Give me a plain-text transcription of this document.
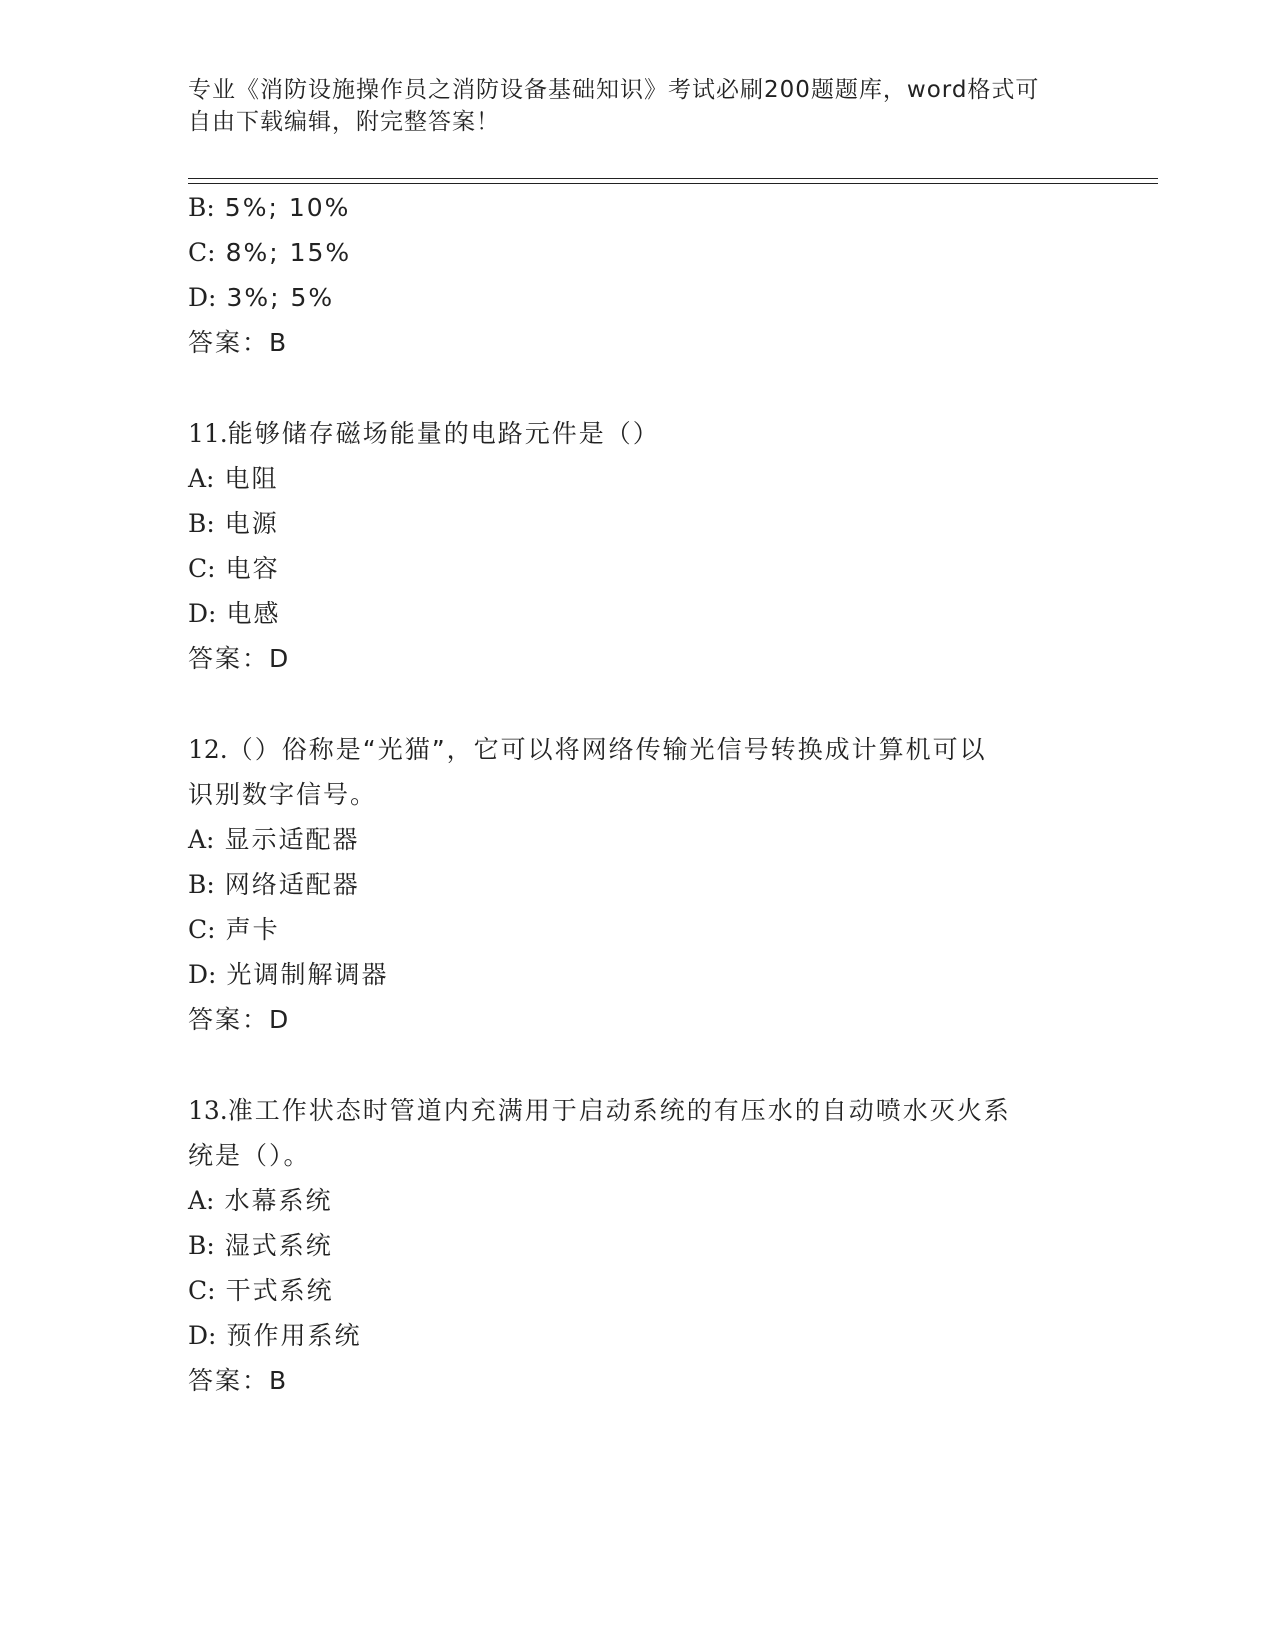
专业《消防设施操作员之消防设备基础知识》考试必刷200题题库，word格式可
自由下载编辑，附完整答案！
B: 5%; 10%
C: 8%; 15%
D: 3%; 5%
答案：B
11.能够储存磁场能量的电路元件是（）
A: 电阻
B: 电源
C: 电容
D: 电感
答案：D
12.（）俗称是“光猫”，它可以将网络传输光信号转换成计算机可以
识别数字信号。
A: 显示适配器
B: 网络适配器
C: 声卡
D: 光调制解调器
答案：D
13.准工作状态时管道内充满用于启动系统的有压水的自动喷水灭火系
统是（）。
A: 水幕系统
B: 湿式系统
C: 干式系统
D: 预作用系统
答案：B
